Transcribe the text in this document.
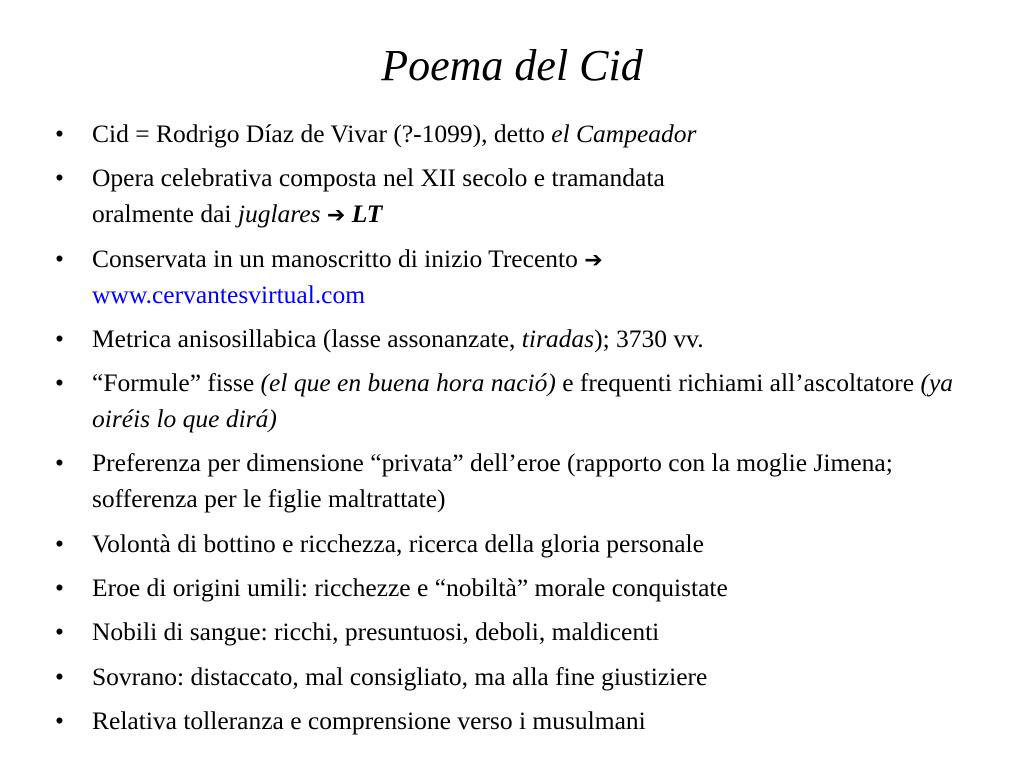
Poema del Cid
• Cid = Rodrigo Díaz de Vivar (?-1099), detto el Campeador
• Opera celebrativa composta nel XII secolo e tramandata
oralmente dai juglares ➔ LT
• Conservata in un manoscritto di inizio Trecento ➔
www.cervantesvirtual.com
• Metrica anisosillabica (lasse assonanzate, tiradas); 3730 vv.
• “Formule” fisse (el que en buena hora nació) e frequenti richiami all’ascoltatore (ya oiréis lo que dirá)
• Preferenza per dimensione “privata” dell’eroe (rapporto con la moglie Jimena; sofferenza per le figlie maltrattate)
• Volontà di bottino e ricchezza, ricerca della gloria personale
• Eroe di origini umili: ricchezze e “nobiltà” morale conquistate
• Nobili di sangue: ricchi, presuntuosi, deboli, maldicenti
• Sovrano: distaccato, mal consigliato, ma alla fine giustiziere
• Relativa tolleranza e comprensione verso i musulmani
